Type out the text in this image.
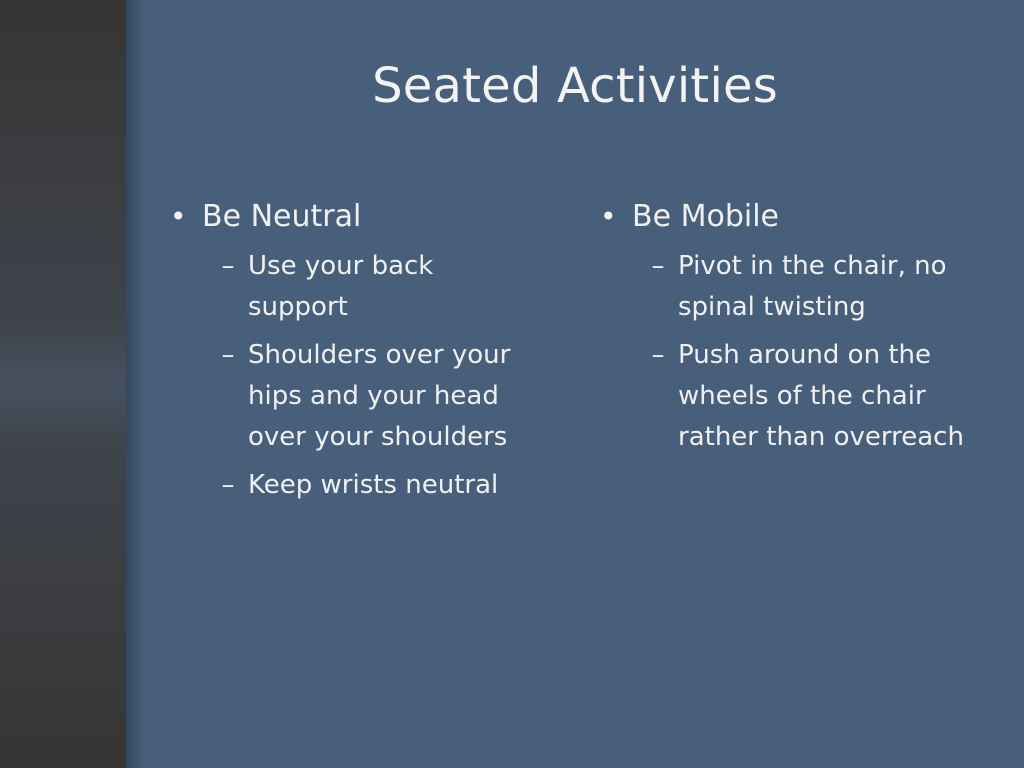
Seated Activities
• Be Neutral
– Use your back support
– Shoulders over your hips and your head over your shoulders
– Keep wrists neutral
• Be Mobile
– Pivot in the chair, no spinal twisting
– Push around on the wheels of the chair rather than overreach
